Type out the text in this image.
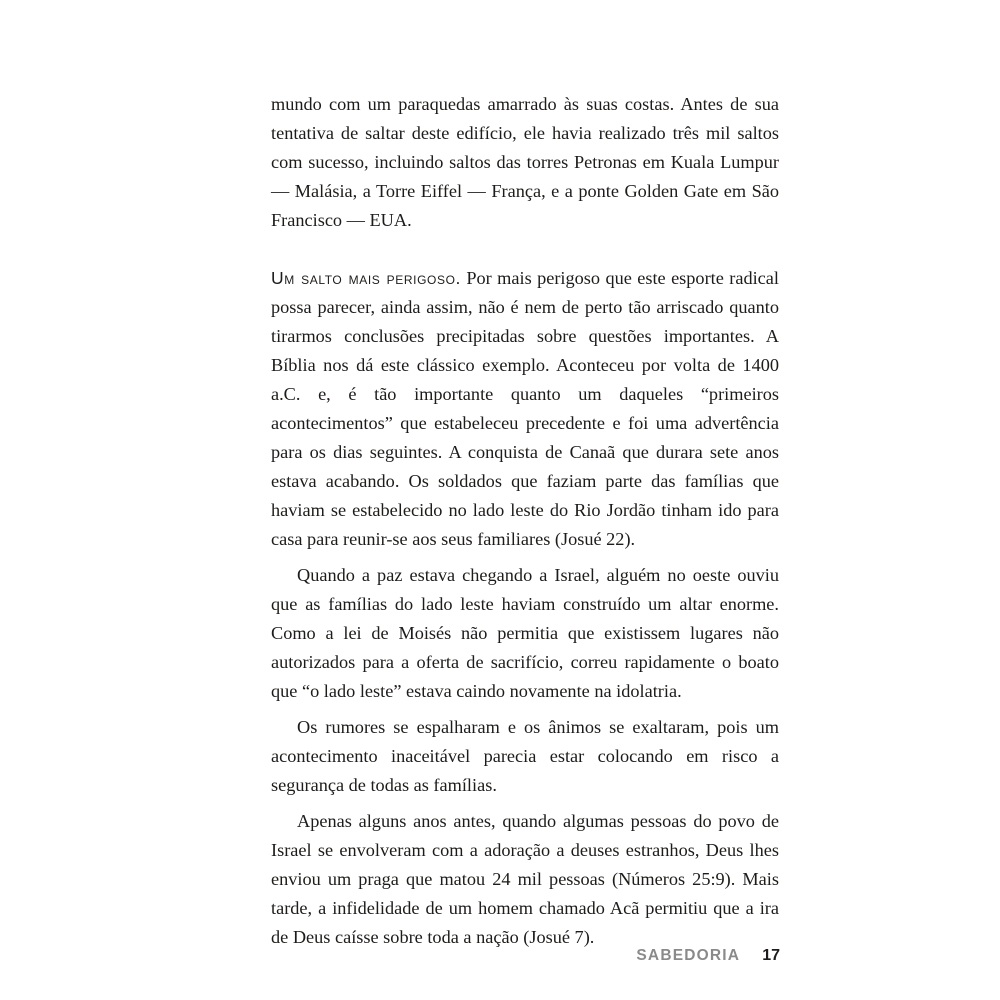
mundo com um paraquedas amarrado às suas costas. Antes de sua tentativa de saltar deste edifício, ele havia realizado três mil saltos com sucesso, incluindo saltos das torres Petronas em Kuala Lumpur — Malásia, a Torre Eiffel — França, e a ponte Golden Gate em São Francisco — EUA.

Um salto mais perigoso. Por mais perigoso que este esporte radical possa parecer, ainda assim, não é nem de perto tão arriscado quanto tirarmos conclusões precipitadas sobre questões importantes. A Bíblia nos dá este clássico exemplo. Aconteceu por volta de 1400 a.C. e, é tão importante quanto um daqueles “primeiros acontecimentos” que estabeleceu precedente e foi uma advertência para os dias seguintes. A conquista de Canaã que durara sete anos estava acabando. Os soldados que faziam parte das famílias que haviam se estabelecido no lado leste do Rio Jordão tinham ido para casa para reunir-se aos seus familiares (Josué 22).

Quando a paz estava chegando a Israel, alguém no oeste ouviu que as famílias do lado leste haviam construído um altar enorme. Como a lei de Moisés não permitia que existissem lugares não autorizados para a oferta de sacrifício, correu rapidamente o boato que “o lado leste” estava caindo novamente na idolatria.

Os rumores se espalharam e os ânimos se exaltaram, pois um acontecimento inaceitável parecia estar colocando em risco a segurança de todas as famílias.

Apenas alguns anos antes, quando algumas pessoas do povo de Israel se envolveram com a adoração a deuses estranhos, Deus lhes enviou um praga que matou 24 mil pessoas (Números 25:9). Mais tarde, a infidelidade de um homem chamado Acã permitiu que a ira de Deus caísse sobre toda a nação (Josué 7).

SABEDORIA 17
